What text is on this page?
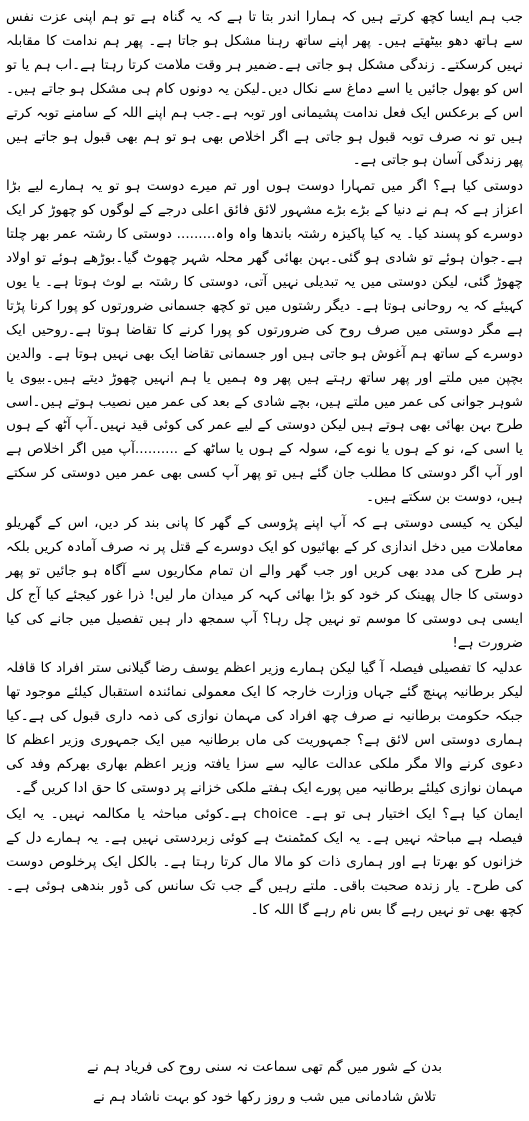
جب ہم ایسا کچھ کرتے ہیں کہ ہمارا اندر بتا تا ہے کہ یہ گناہ ہے تو ہم اپنی عزت نفس سے ہاتھ دھو بیٹھتے ہیں۔ پھر اپنے ساتھ رہنا مشکل ہو جاتا ہے۔ پھر ہم ندامت کا مقابلہ نہیں کرسکتے۔ زندگی مشکل ہو جاتی ہے۔ضمیر ہر وقت ملامت کرتا رہتا ہے۔اب ہم یا تو اس کو بھول جائیں یا اسے دماغ سے نکال دیں۔لیکن یہ دونوں کام ہی مشکل ہو جاتے ہیں۔اس کے برعکس ایک فعل ندامت پشیمانی اور توبہ ہے۔جب ہم اپنے اللہ کے سامنے توبہ کرتے ہیں تو نہ صرف توبہ قبول ہو جاتی ہے اگر اخلاص بھی ہو تو ہم بھی قبول ہو جاتے ہیں پھر زندگی آسان ہو جاتی ہے۔

دوستی کیا ہے؟ اگر میں تمہارا دوست ہوں اور تم میرے دوست ہو تو یہ ہمارے لیے بڑا اعزاز ہے کہ ہم نے دنیا کے بڑے بڑے مشہور لائق فائق اعلی درجے کے لوگوں کو چھوڑ کر ایک دوسرے کو پسند کیا۔ یہ کیا پاکیزہ رشتہ باندھا واہ واہ......... دوستی کا رشتہ عمر بھر چلتا ہے۔جوان ہوئے تو شادی ہو گئی۔بہن بھائی گھر محلہ شہر چھوٹ گیا۔بوڑھے ہوئے تو اولاد چھوڑ گئی، لیکن دوستی میں یہ تبدیلی نہیں آتی، دوستی کا رشتہ بے لوث ہوتا ہے۔ یا یوں کہیئے کہ یہ روحانی ہوتا ہے۔ دیگر رشتوں میں تو کچھ جسمانی ضرورتوں کو پورا کرنا پڑتا ہے مگر دوستی میں صرف روح کی ضرورتوں کو پورا کرنے کا تقاضا ہوتا ہے۔روحیں ایک دوسرے کے ساتھ ہم آغوش ہو جاتی ہیں اور جسمانی تقاضا ایک بھی نہیں ہوتا ہے۔ والدین بچپن میں ملتے اور پھر ساتھ رہتے ہیں پھر وہ ہمیں یا ہم انہیں چھوڑ دیتے ہیں۔بیوی یا شوہر جوانی کی عمر میں ملتے ہیں، بچے شادی کے بعد کی عمر میں نصیب ہوتے ہیں۔اسی طرح بہن بھائی بھی ہوتے ہیں لیکن دوستی کے لیے عمر کی کوئی قید نہیں۔آپ آٹھ کے ہوں یا اسی کے، نو کے ہوں یا نوے کے، سولہ کے ہوں یا ساٹھ کے ..........آپ میں اگر اخلاص ہے اور آپ اگر دوستی کا مطلب جان گئے ہیں تو پھر آپ کسی بھی عمر میں دوستی کر سکتے ہیں، دوست بن سکتے ہیں۔

لیکن یہ کیسی دوستی ہے کہ آپ اپنے پڑوسی کے گھر کا پانی بند کر دیں، اس کے گھریلو معاملات میں دخل اندازی کر کے بھائیوں کو ایک دوسرے کے قتل پر نہ صرف آمادہ کریں بلکہ ہر طرح کی مدد بھی کریں اور جب گھر والے ان تمام مکاریوں سے آگاہ ہو جائیں تو پھر دوستی کا جال پھینک کر خود کو بڑا بھائی کہہ کر میدان مار لیں! ذرا غور کیجئے کیا آج کل ایسی ہی دوستی کا موسم تو نہیں چل رہا؟ آپ سمجھ دار ہیں تفصیل میں جانے کی کیا ضرورت ہے!

عدلیہ کا تفصیلی فیصلہ آ گیا لیکن ہمارے وزیر اعظم یوسف رضا گیلانی ستر افراد کا قافلہ لیکر برطانیہ پہنچ گئے جہاں وزارت خارجہ کا ایک معمولی نمائندہ استقبال کیلئے موجود تھا جبکہ حکومت برطانیہ نے صرف چھ افراد کی مہمان نوازی کی ذمہ داری قبول کی ہے۔کیا ہماری دوستی اس لائق ہے؟ جمہوریت کی ماں برطانیہ میں ایک جمہوری وزیر اعظم کا دعوی کرنے والا مگر ملکی عدالت عالیہ سے سزا یافتہ وزیر اعظم بھاری بھرکم وفد کی مہمان نوازی کیلئے برطانیہ میں پورے ایک ہفتے ملکی خزانے پر دوستی کا حق ادا کریں گے۔

ایمان کیا ہے؟ ایک اختیار ہی تو ہے۔ choice ہے۔کوئی مباحثہ یا مکالمہ نہیں۔ یہ ایک فیصلہ ہے مباحثہ نہیں ہے۔ یہ ایک کمٹمنٹ ہے کوئی زبردستی نہیں ہے۔ یہ ہمارے دل کے خزانوں کو بھرتا ہے اور ہماری ذات کو مالا مال کرتا رہتا ہے۔ بالکل ایک پرخلوص دوست کی طرح۔ یار زندہ صحبت باقی۔ ملتے رہیں گے جب تک سانس کی ڈور بندھی ہوئی ہے۔ کچھ بھی تو نہیں رہے گا بس نام رہے گا اللہ کا۔

بدن کے شور میں گم تھی سماعت نہ سنی روح کی فریاد ہم نے
تلاش شادمانی میں شب و روز رکھا خود کو بہت ناشاد ہم نے
